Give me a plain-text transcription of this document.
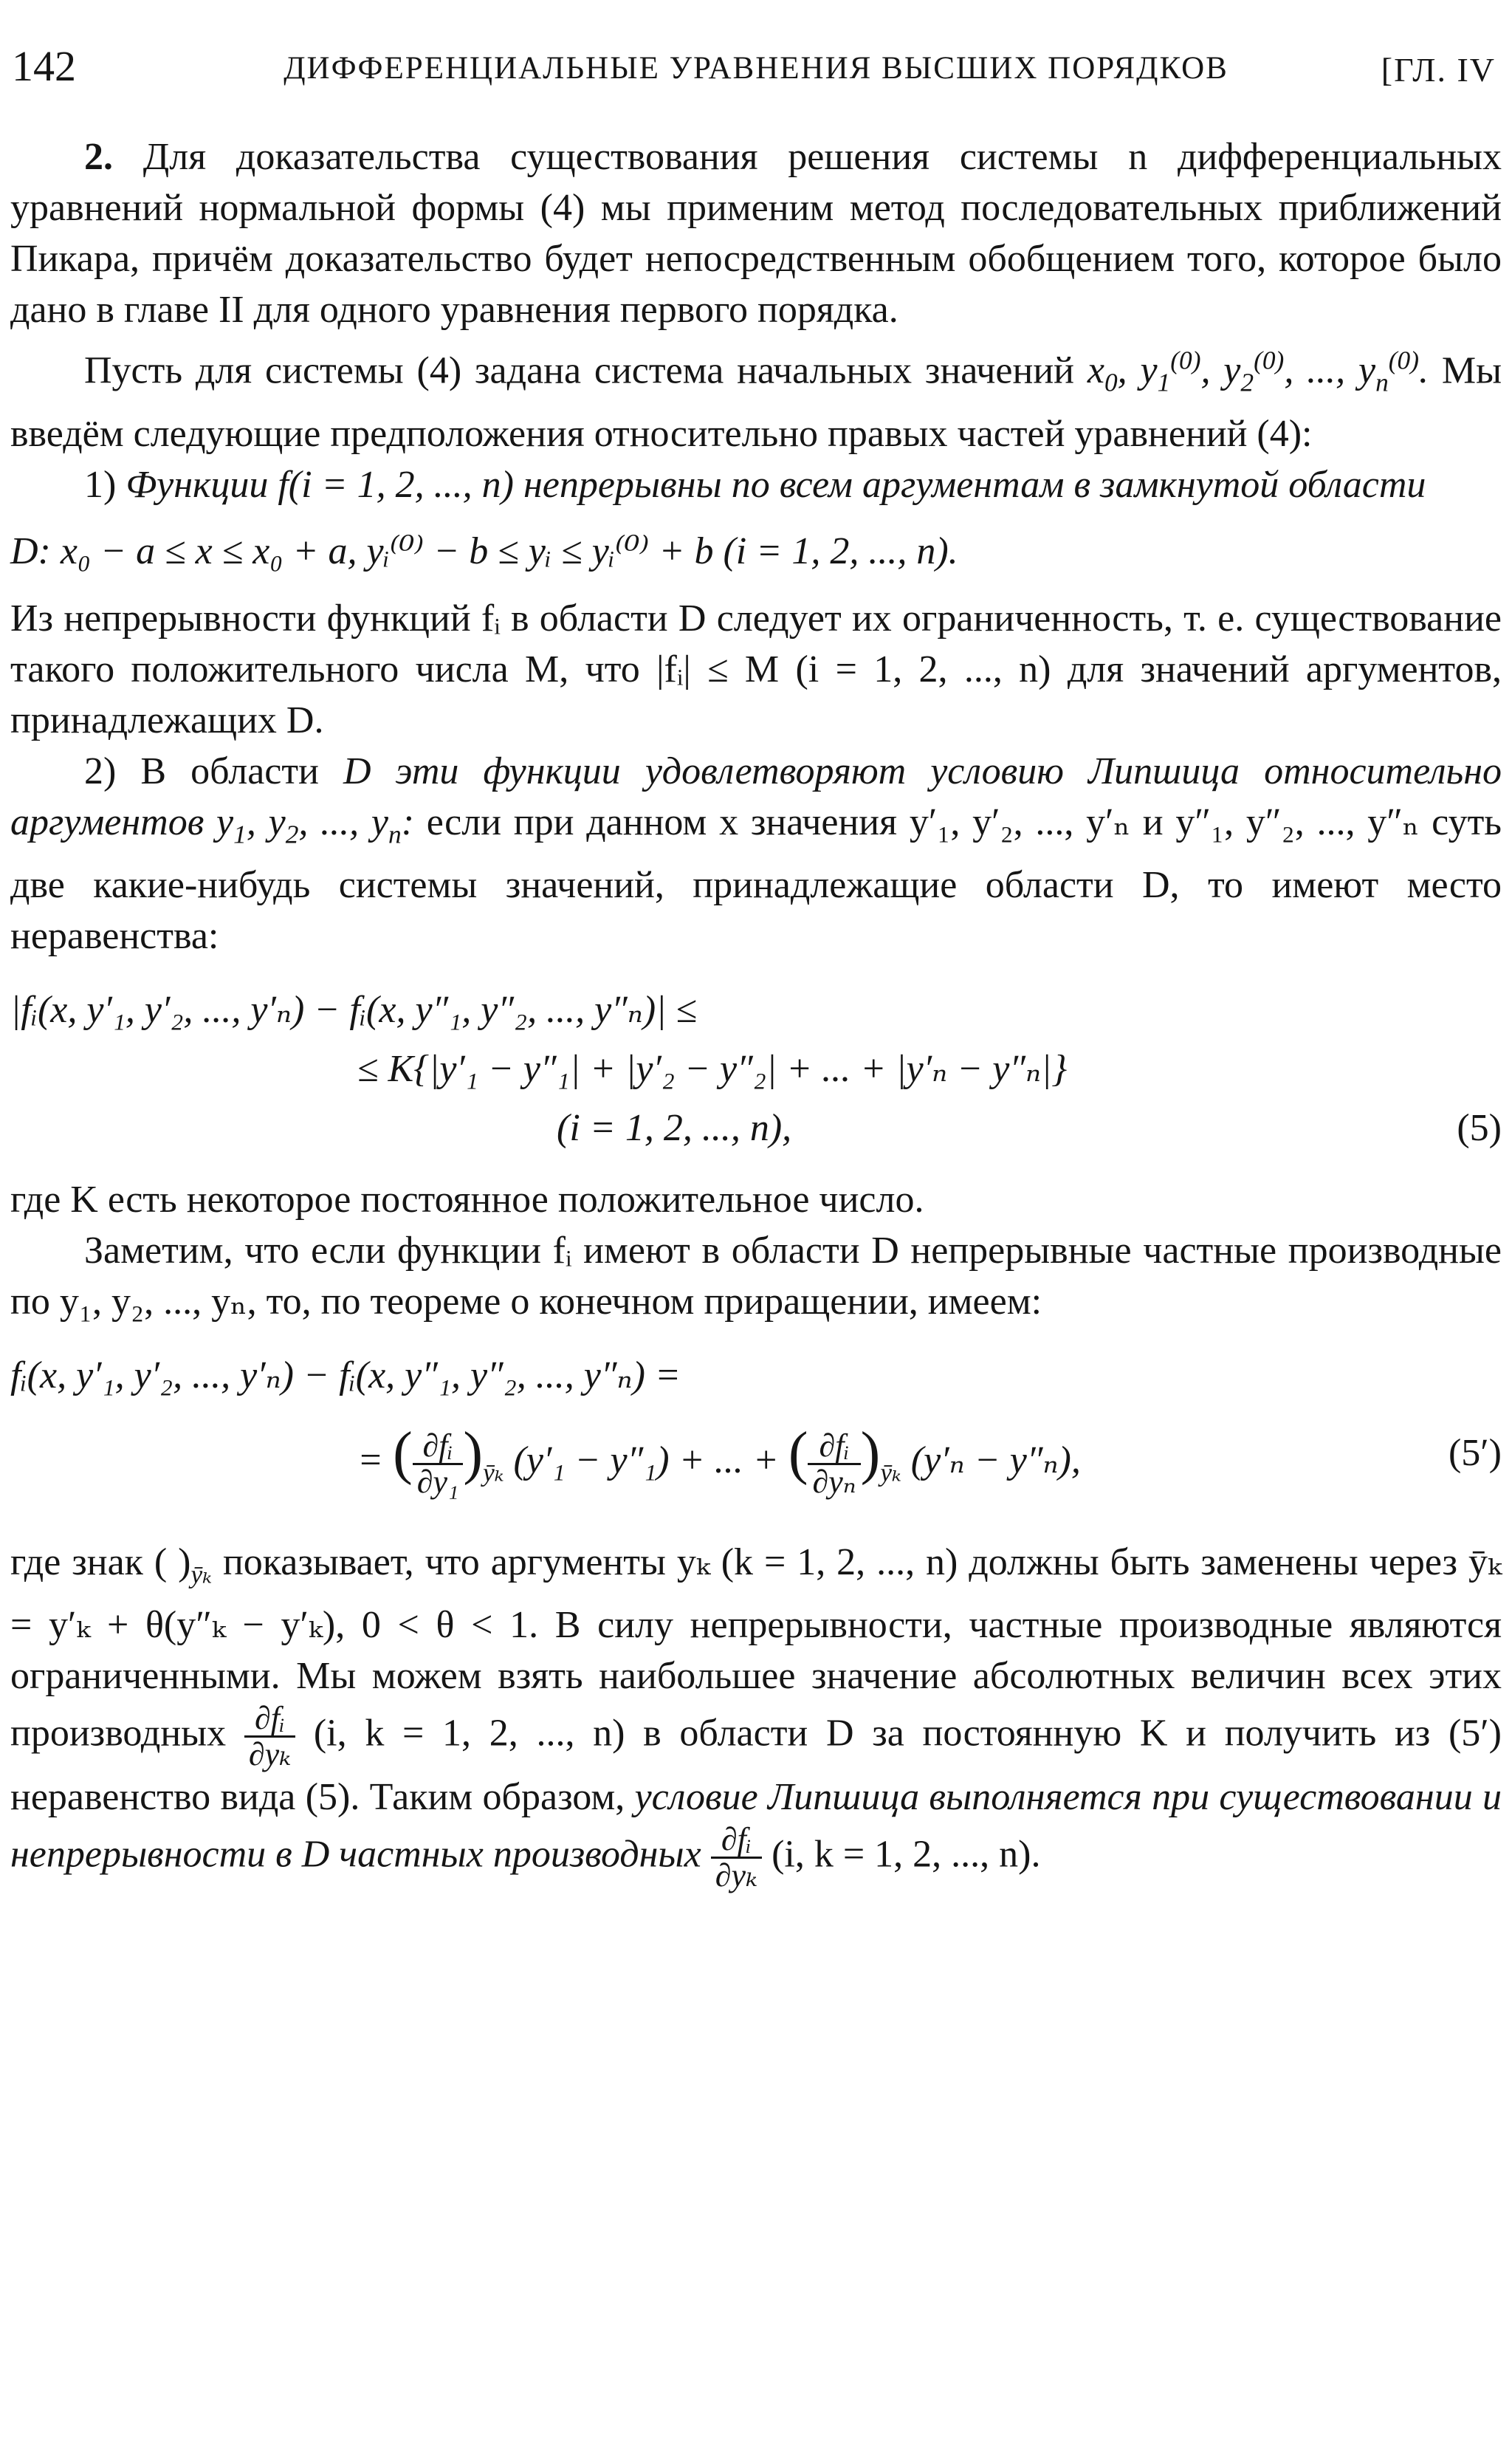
142	ДИФФЕРЕНЦИАЛЬНЫЕ УРАВНЕНИЯ ВЫСШИХ ПОРЯДКОВ	[ГЛ. IV

2. Для доказательства существования решения системы n дифференциальных уравнений нормальной формы (4) мы применим метод последовательных приближений Пикара, причём доказательство будет непосредственным обобщением того, которое было дано в главе II для одного уравнения первого порядка.

Пусть для системы (4) задана система начальных значений $x_0$, $y_1^{(0)}$, $y_2^{(0)}$, ..., $y_n^{(0)}$. Мы введём следующие предположения относительно правых частей уравнений (4):

1) Функции f(i = 1, 2, ..., n) непрерывны по всем аргументам в замкнутой области

D: x₀ − a ≤ x ≤ x₀ + a, yᵢ⁽⁰⁾ − b ≤ yᵢ ≤ yᵢ⁽⁰⁾ + b (i = 1, 2, ..., n).

Из непрерывности функций fᵢ в области D следует их ограниченность, т. е. существование такого положительного числа M, что |fᵢ| ≤ M (i = 1, 2, ..., n) для значений аргументов, принадлежащих D.

2) В области D эти функции удовлетворяют условию Липшица относительно аргументов $y_1$, $y_2$, ..., $y_n$: если при данном x значения y′₁, y′₂, ..., y′ₙ и y″₁, y″₂, ..., y″ₙ суть две какие-нибудь системы значений, принадлежащие области D, то имеют место неравенства:

|fᵢ(x, y′₁, y′₂, ..., y′ₙ) − fᵢ(x, y″₁, y″₂, ..., y″ₙ)| ≤
≤ K{|y′₁ − y″₁| + |y′₂ − y″₂| + ... + |y′ₙ − y″ₙ|}
(i = 1, 2, ..., n),	(5)

где K есть некоторое постоянное положительное число.

Заметим, что если функции fᵢ имеют в области D непрерывные частные производные по y₁, y₂, ..., yₙ, то, по теореме о конечном приращении, имеем:

fᵢ(x, y′₁, y′₂, ..., y′ₙ) − fᵢ(x, y″₁, y″₂, ..., y″ₙ) =
= ( $\frac{\text{∂fᵢ}}{\text{∂y₁}} )_{ȳ_k}$ (y′₁ − y″₁) + ... + ( $\frac{\text{∂fᵢ}}{\text{∂yₙ}} )_{ȳ_k}$ (y′ₙ − y″ₙ),	(5′)

где знак ( )$_{ȳ_k}$ показывает, что аргументы yₖ (k = 1, 2, ..., n) должны быть заменены через ȳₖ = y′ₖ + θ(y″ₖ − y′ₖ), 0 < θ < 1. В силу непрерывности, частные производные являются ограниченными. Мы можем взять наибольшее значение абсолютных величин всех этих производных $\frac{\text{∂fᵢ}}{\text{∂yₖ}} (i$, k = 1, 2, ..., n) в области D за постоянную K и получить из (5′) неравенство вида (5). Таким образом, условие Липшица выполняется при существовании и непрерывности в D частных производных $\frac{\text{∂fᵢ}}{\text{∂yₖ}} (i$, k = 1, 2, ..., n).
